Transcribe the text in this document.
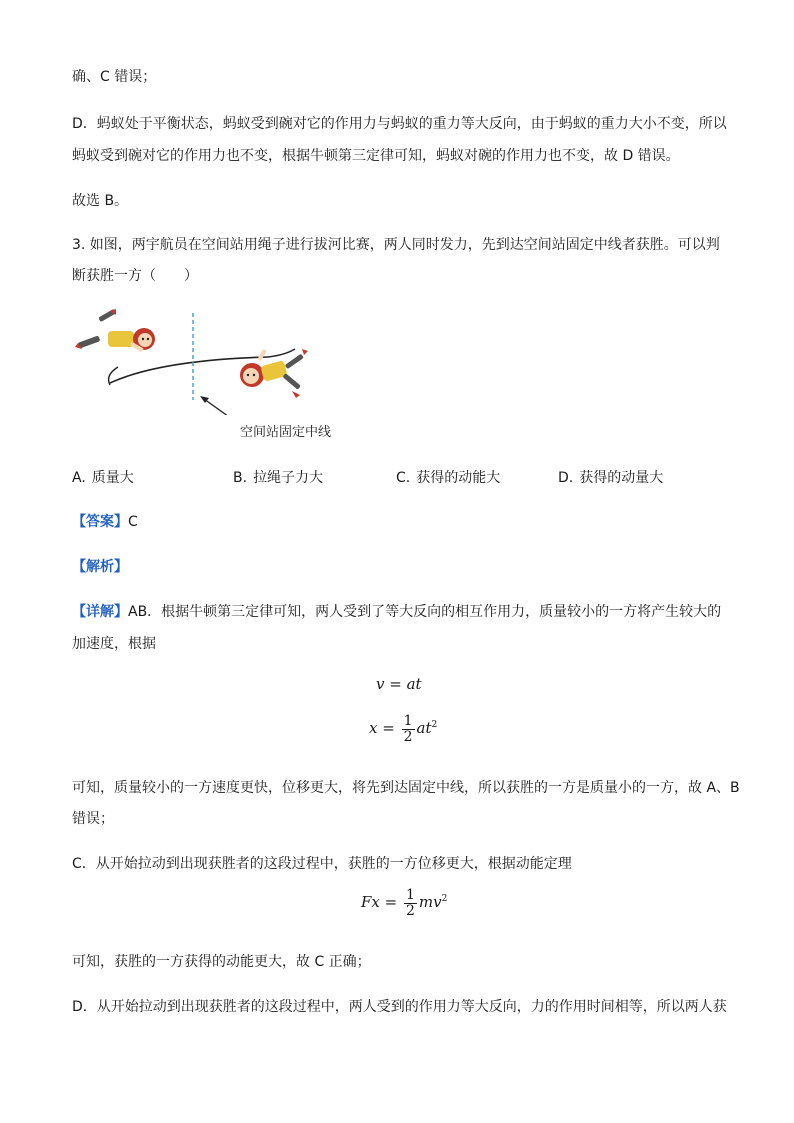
确、C 错误；
D．蚂蚁处于平衡状态，蚂蚁受到碗对它的作用力与蚂蚁的重力等大反向，由于蚂蚁的重力大小不变，所以
蚂蚁受到碗对它的作用力也不变，根据牛顿第三定律可知，蚂蚁对碗的作用力也不变，故 D 错误。
故选 B。
3. 如图，两宇航员在空间站用绳子进行拔河比赛，两人同时发力，先到达空间站固定中线者获胜。可以判
断获胜一方（　　）
空间站固定中线
A. 质量大	B. 拉绳子力大	C. 获得的动能大	D. 获得的动量大
【答案】C
【解析】
【详解】AB．根据牛顿第三定律可知，两人受到了等大反向的相互作用力，质量较小的一方将产生较大的
加速度，根据
v = at
$x = \frac{1}{2} at^2$
可知，质量较小的一方速度更快，位移更大，将先到达固定中线，所以获胜的一方是质量小的一方，故 A、B
错误；
C．从开始拉动到出现获胜者的这段过程中，获胜的一方位移更大，根据动能定理
$Fx = \frac{1}{2} mv^2$
可知，获胜的一方获得的动能更大，故 C 正确；
D．从开始拉动到出现获胜者的这段过程中，两人受到的作用力等大反向，力的作用时间相等，所以两人获
